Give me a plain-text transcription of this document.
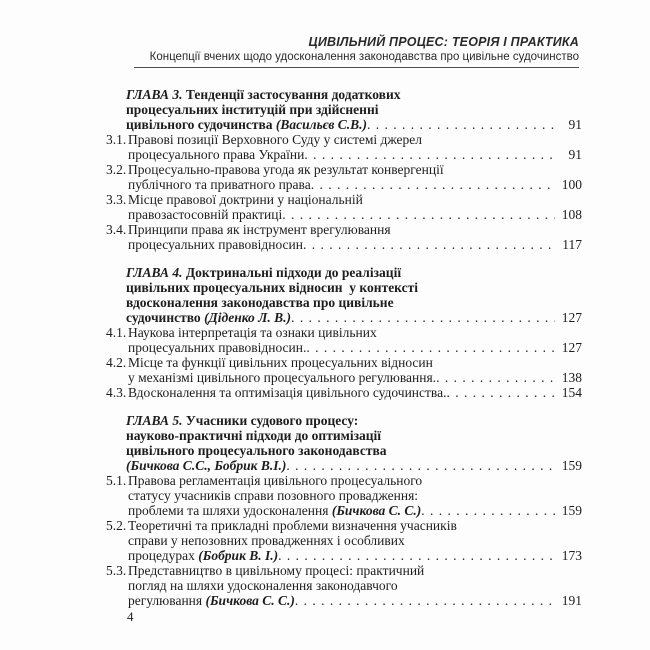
ЦИВІЛЬНИЙ ПРОЦЕС: ТЕОРІЯ І ПРАКТИКА
Концепції вчених щодо удосконалення законодавства про цивільне судочинство
ГЛАВА 3. Тенденції застосування додаткових
процесуальних інституцій при здійсненні
цивільного судочинства (Васильєв С.В.) . . .	91
3.1. Правові позиції Верховного Суду у системі джерел
процесуального права України . . .	91
3.2. Процесуально-правова угода як результат конвергенції
публічного та приватного права . . .	100
3.3. Місце правової доктрини у національній
правозастосовній практиці . . .	108
3.4. Принципи права як інструмент врегулювання
процесуальних правовідносин . . .	117
ГЛАВА 4. Доктринальні підходи до реалізації
цивільних процесуальних відносин  у контексті
вдосконалення законодавства про цивільне
судочинство (Діденко Л. В.) . . .	127
4.1. Наукова інтерпретація та ознаки цивільних
процесуальних правовідносин. . . .	127
4.2. Місце та функції цивільних процесуальних відносин
у механізмі цивільного процесуального регулювання. . . .	138
4.3. Вдосконалення та оптимізація цивільного судочинства. . . .	154
ГЛАВА 5. Учасники судового процесу:
науково-практичні підходи до оптимізації
цивільного процесуального законодавства
(Бичкова С.С., Бобрик В.І.) . . .	159
5.1. Правова регламентація цивільного процесуального
статусу учасників справи позовного провадження:
проблеми та шляхи удосконалення (Бичкова С. С.) . . .	159
5.2. Теоретичні та прикладні проблеми визначення учасників
справи у непозовних провадженнях і особливих
процедурах (Бобрик В. І.) . . .	173
5.3. Представництво в цивільному процесі: практичний
погляд на шляхи удосконалення законодавчого
регулювання (Бичкова С. С.) . . .	191
4
